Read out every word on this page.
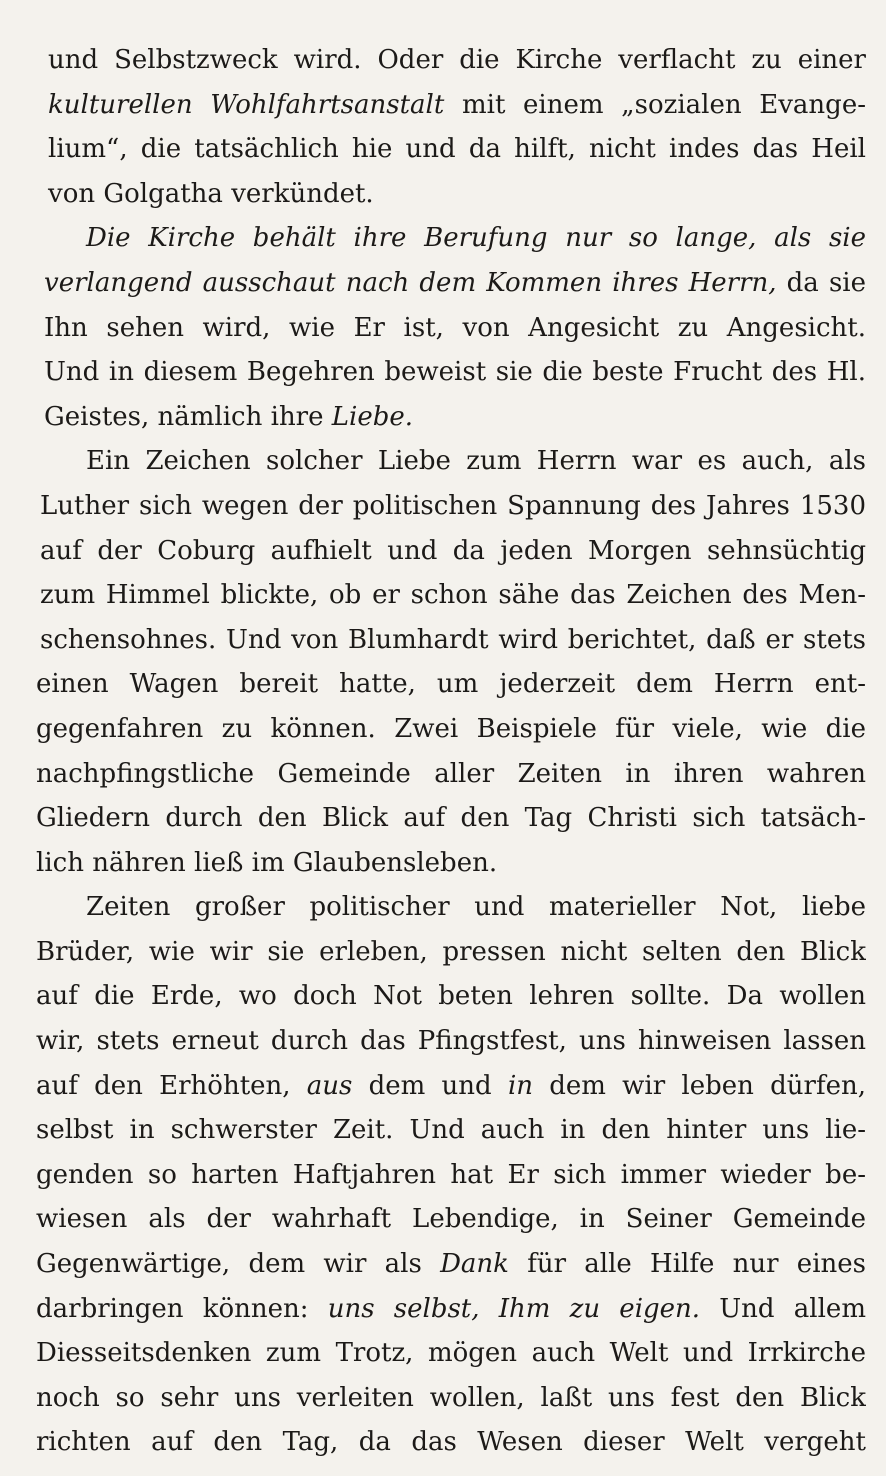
und Selbstzweck wird. Oder die Kirche verflacht zu einer
kulturellen Wohlfahrtsanstalt mit einem „sozialen Evange-
lium“, die tatsächlich hie und da hilft, nicht indes das Heil
von Golgatha verkündet.
Die Kirche behält ihre Berufung nur so lange, als sie
verlangend ausschaut nach dem Kommen ihres Herrn, da sie
Ihn sehen wird, wie Er ist, von Angesicht zu Angesicht.
Und in diesem Begehren beweist sie die beste Frucht des Hl.
Geistes, nämlich ihre Liebe.
Ein Zeichen solcher Liebe zum Herrn war es auch, als
Luther sich wegen der politischen Spannung des Jahres 1530
auf der Coburg aufhielt und da jeden Morgen sehnsüchtig
zum Himmel blickte, ob er schon sähe das Zeichen des Men-
schensohnes. Und von Blumhardt wird berichtet, daß er stets
einen Wagen bereit hatte, um jederzeit dem Herrn ent-
gegenfahren zu können. Zwei Beispiele für viele, wie die
nachpfingstliche Gemeinde aller Zeiten in ihren wahren
Gliedern durch den Blick auf den Tag Christi sich tatsäch-
lich nähren ließ im Glaubensleben.
Zeiten großer politischer und materieller Not, liebe
Brüder, wie wir sie erleben, pressen nicht selten den Blick
auf die Erde, wo doch Not beten lehren sollte. Da wollen
wir, stets erneut durch das Pfingstfest, uns hinweisen lassen
auf den Erhöhten, aus dem und in dem wir leben dürfen,
selbst in schwerster Zeit. Und auch in den hinter uns lie-
genden so harten Haftjahren hat Er sich immer wieder be-
wiesen als der wahrhaft Lebendige, in Seiner Gemeinde
Gegenwärtige, dem wir als Dank für alle Hilfe nur eines
darbringen können: uns selbst, Ihm zu eigen. Und allem
Diesseitsdenken zum Trotz, mögen auch Welt und Irrkirche
noch so sehr uns verleiten wollen, laßt uns fest den Blick
richten auf den Tag, da das Wesen dieser Welt vergeht
